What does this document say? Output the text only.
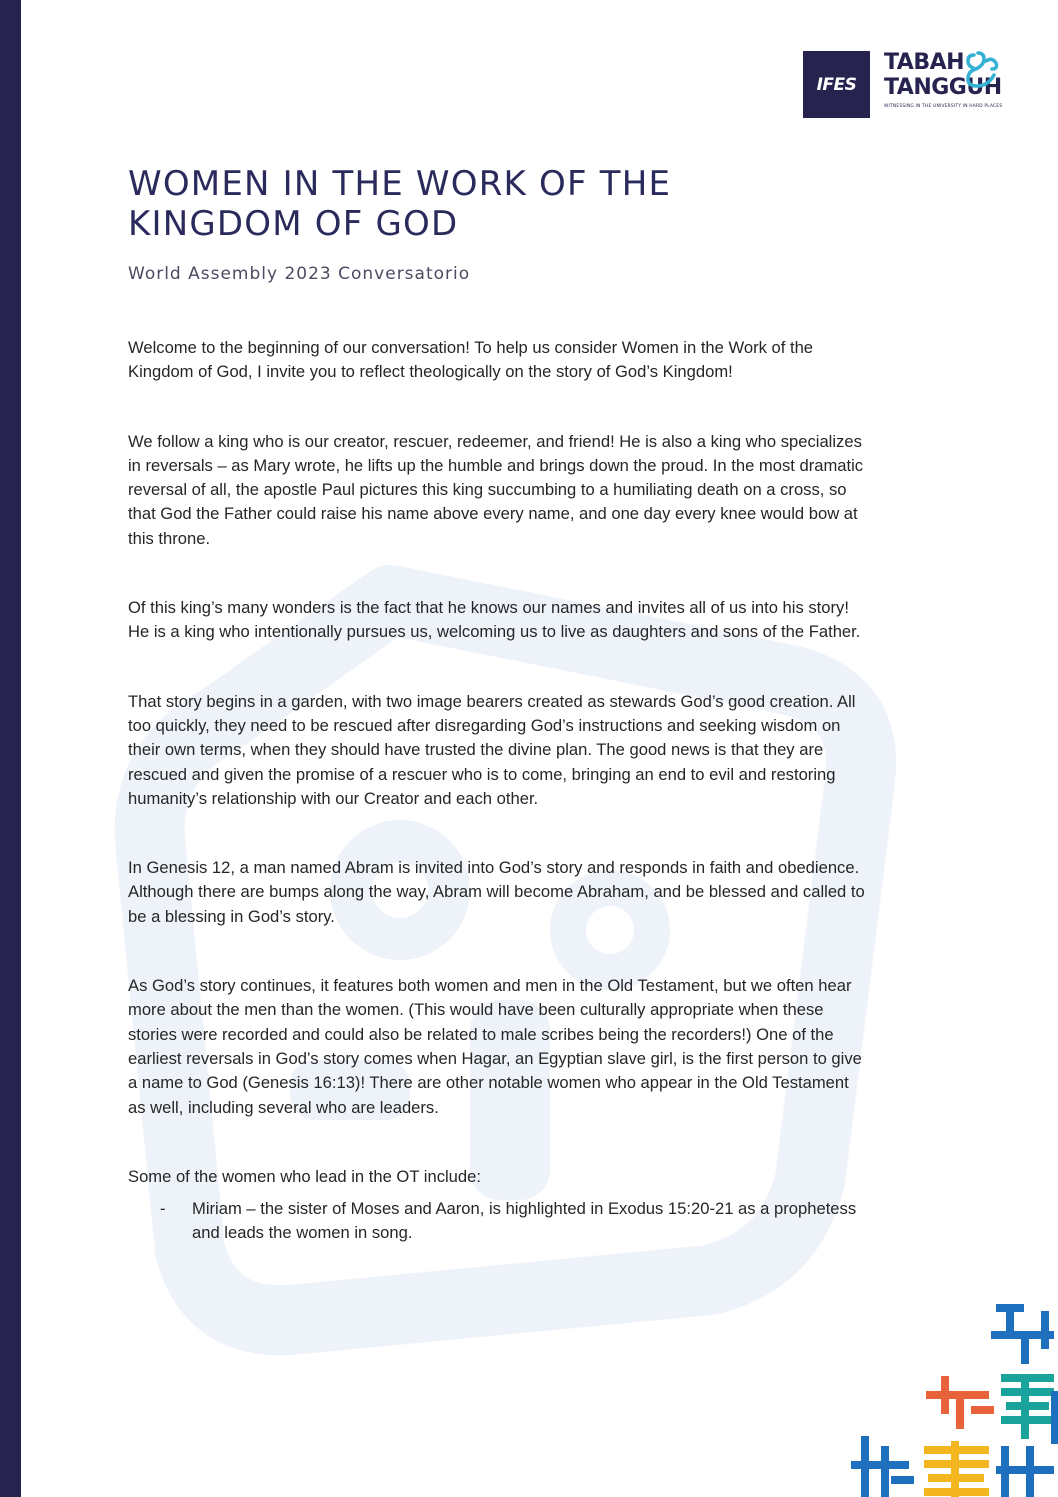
IFES
TABAH
TANGGUH
WITNESSING IN THE UNIVERSITY IN HARD PLACES
WOMEN IN THE WORK OF THE KINGDOM OF GOD

World Assembly 2023 Conversatorio

Welcome to the beginning of our conversation! To help us consider Women in the Work of the Kingdom of God, I invite you to reflect theologically on the story of God’s Kingdom!

We follow a king who is our creator, rescuer, redeemer, and friend! He is also a king who specializes in reversals – as Mary wrote, he lifts up the humble and brings down the proud. In the most dramatic reversal of all, the apostle Paul pictures this king succumbing to a humiliating death on a cross, so that God the Father could raise his name above every name, and one day every knee would bow at this throne.

Of this king’s many wonders is the fact that he knows our names and invites all of us into his story! He is a king who intentionally pursues us, welcoming us to live as daughters and sons of the Father.

That story begins in a garden, with two image bearers created as stewards God’s good creation. All too quickly, they need to be rescued after disregarding God’s instructions and seeking wisdom on their own terms, when they should have trusted the divine plan. The good news is that they are rescued and given the promise of a rescuer who is to come, bringing an end to evil and restoring humanity’s relationship with our Creator and each other.

In Genesis 12, a man named Abram is invited into God’s story and responds in faith and obedience. Although there are bumps along the way, Abram will become Abraham, and be blessed and called to be a blessing in God’s story.

As God’s story continues, it features both women and men in the Old Testament, but we often hear more about the men than the women. (This would have been culturally appropriate when these stories were recorded and could also be related to male scribes being the recorders!) One of the earliest reversals in God’s story comes when Hagar, an Egyptian slave girl, is the first person to give a name to God (Genesis 16:13)! There are other notable women who appear in the Old Testament as well, including several who are leaders.

Some of the women who lead in the OT include:

- Miriam – the sister of Moses and Aaron, is highlighted in Exodus 15:20-21 as a prophetess and leads the women in song.
